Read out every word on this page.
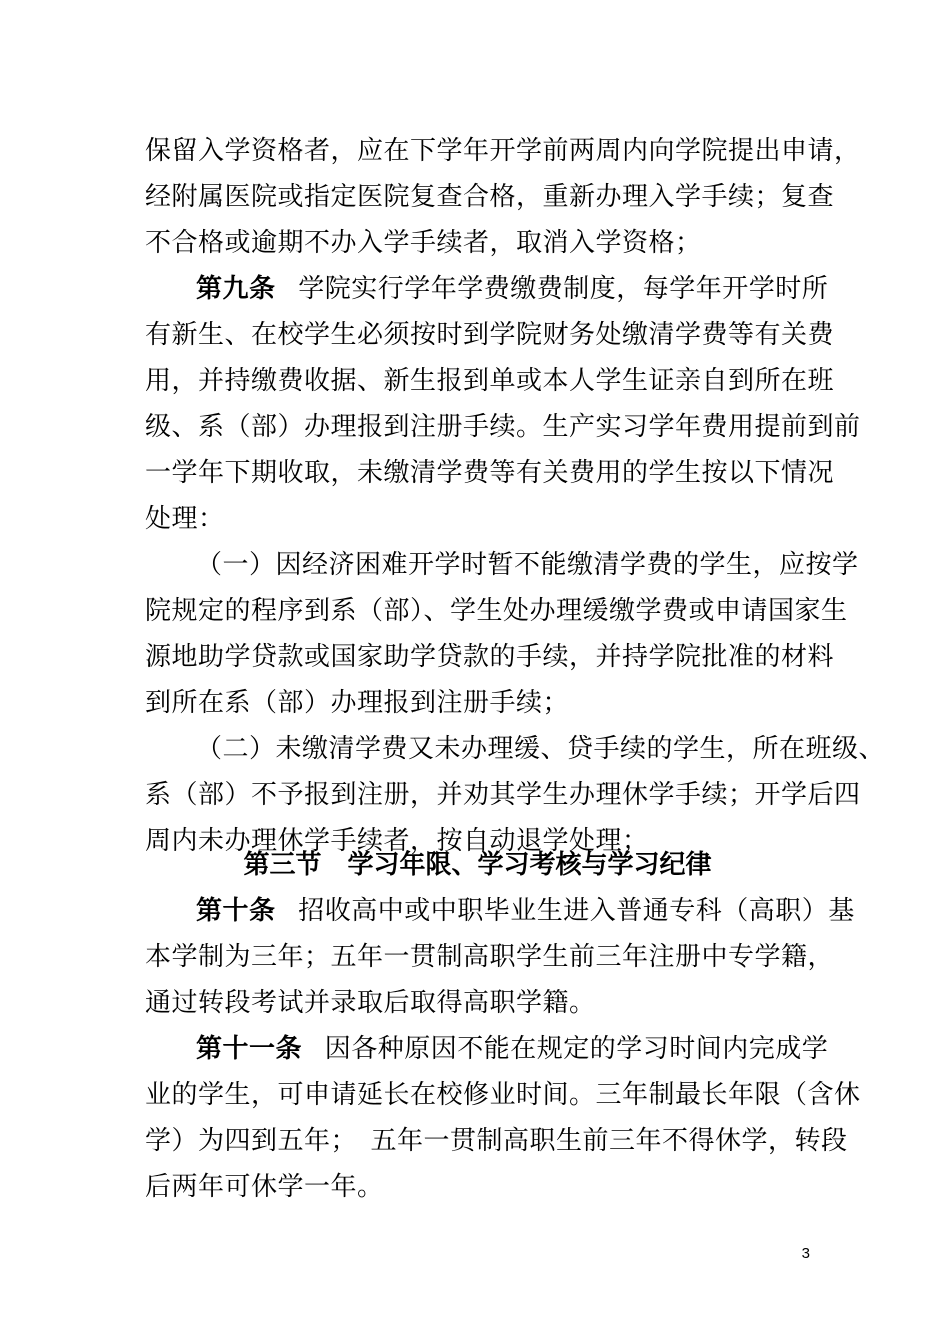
保留入学资格者，应在下学年开学前两周内向学院提出申请，
经附属医院或指定医院复查合格，重新办理入学手续；复查
不合格或逾期不办入学手续者，取消入学资格；
第九条 学院实行学年学费缴费制度，每学年开学时所
有新生、在校学生必须按时到学院财务处缴清学费等有关费
用，并持缴费收据、新生报到单或本人学生证亲自到所在班
级、系（部）办理报到注册手续。生产实习学年费用提前到前
一学年下期收取，未缴清学费等有关费用的学生按以下情况
处理：
（一）因经济困难开学时暂不能缴清学费的学生，应按学
院规定的程序到系（部）、学生处办理缓缴学费或申请国家生
源地助学贷款或国家助学贷款的手续，并持学院批准的材料
到所在系（部）办理报到注册手续；
（二）未缴清学费又未办理缓、贷手续的学生，所在班级、
系（部）不予报到注册，并劝其学生办理休学手续；开学后四
周内未办理休学手续者，按自动退学处理；
第三节　学习年限、学习考核与学习纪律
第十条 招收高中或中职毕业生进入普通专科（高职）基
本学制为三年；五年一贯制高职学生前三年注册中专学籍，
通过转段考试并录取后取得高职学籍。
第十一条 因各种原因不能在规定的学习时间内完成学
业的学生，可申请延长在校修业时间。三年制最长年限（含休
学）为四到五年；　五年一贯制高职生前三年不得休学，转段
后两年可休学一年。
3
